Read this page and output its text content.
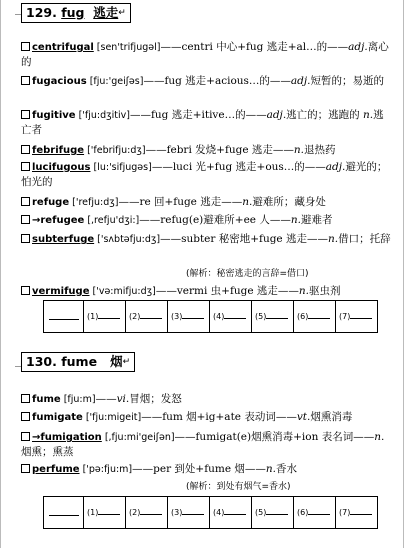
129. fug 逃走↵
centrifugal [sen'trifjugəl]——centri 中心+fug 逃走+al…的——adj.离心的
fugacious [fju:'geiʃəs]——fug 逃走+acious…的——adj.短暂的；易逝的
fugitive ['fju:dʒitiv]——fug 逃走+itive…的——adj.逃亡的；逃跑的 n.逃亡者
febrifuge ['febrifju:dʒ]——febri 发烧+fuge 逃走——n.退热药
lucifugous [lu:'sifjugəs]——luci 光+fug 逃走+ous…的——adj.避光的；怕光的
refuge ['refju:dʒ]——re 回+fuge 逃走——n.避难所；藏身处
→refugee [,refju'dʒi:]——refug(e)避难所+ee 人——n.避难者
subterfuge ['sʌbtəfju:dʒ]——subter 秘密地+fuge 逃走——n.借口；托辞
(解析：秘密逃走的言辞=借口)
vermifuge ['və:mifju:dʒ]——vermi 虫+fuge 逃走——n.驱虫剂
	(1)	(2)	(3)	(4)	(5)	(6)	(7)
130. fume 烟↵
fume [fju:m]——vi.冒烟；发怒
fumigate ['fju:migeit]——fum 烟+ig+ate 表动词——vt.烟熏消毒
→fumigation [,fju:mi'geiʃən]——fumigat(e)烟熏消毒+ion 表名词——n.烟熏；熏蒸
perfume ['pə:fju:m]——per 到处+fume 烟——n.香水
(解析：到处有烟气=香水)
	(1)	(2)	(3)	(4)	(5)	(6)	(7)
